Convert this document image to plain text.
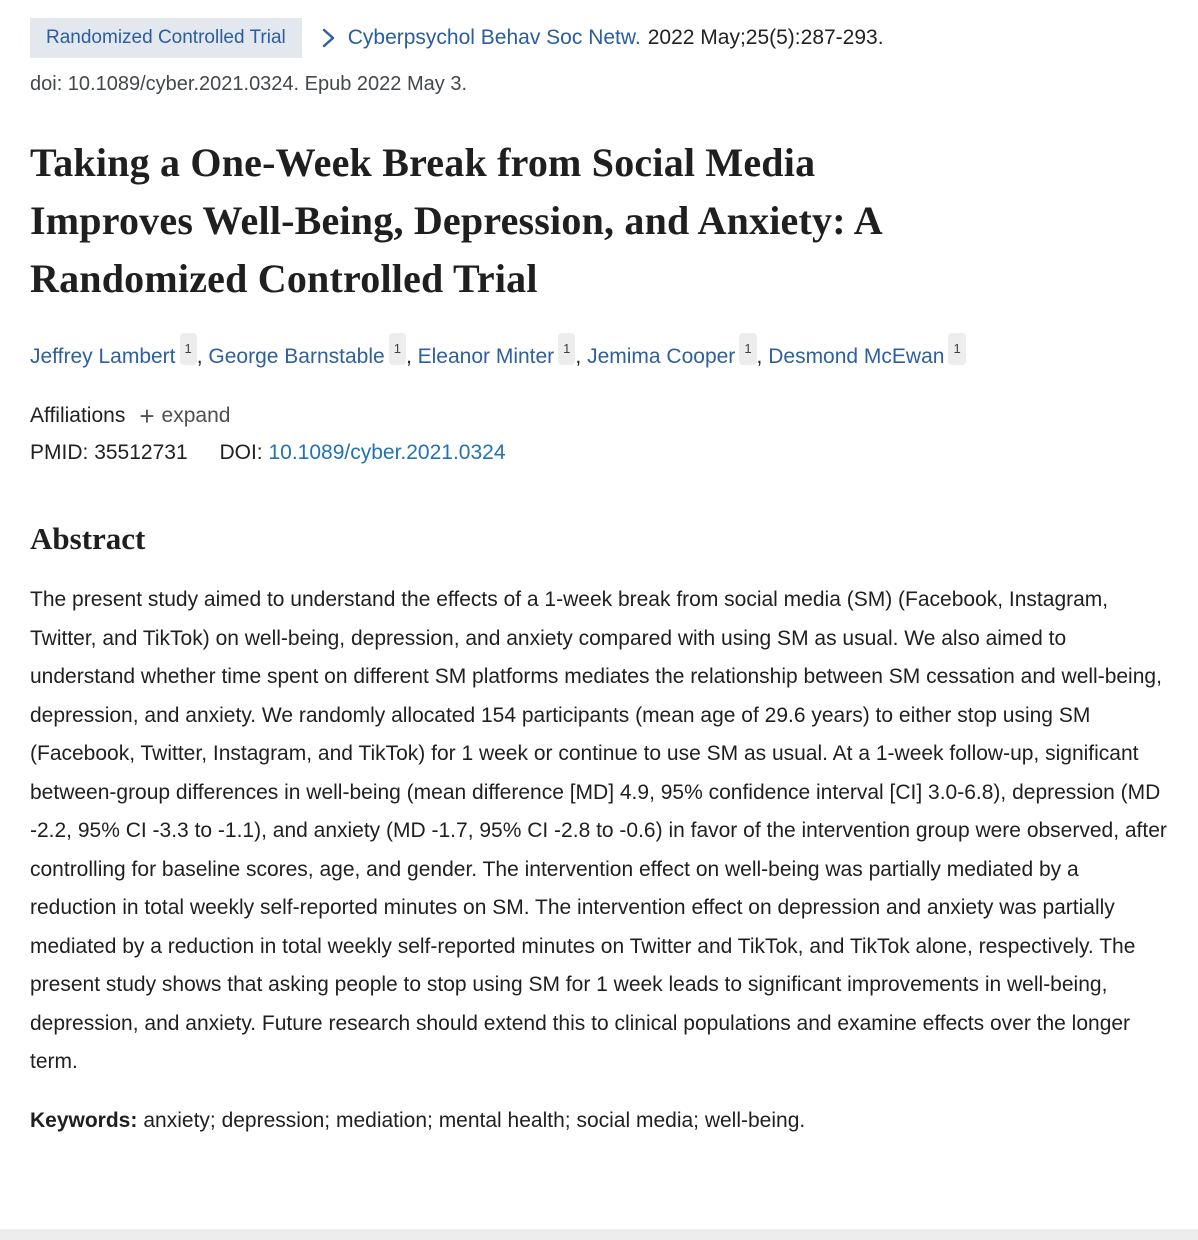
Randomized Controlled Trial	Cyberpsychol Behav Soc Netw. 2022 May;25(5):287-293.
doi: 10.1089/cyber.2021.0324. Epub 2022 May 3.
Taking a One-Week Break from Social Media
Improves Well-Being, Depression, and Anxiety: A
Randomized Controlled Trial
Jeffrey Lambert 1 , George Barnstable 1 , Eleanor Minter 1 , Jemima Cooper 1 , Desmond McEwan 1
Affiliations + expand
PMID: 35512731 DOI: 10.1089/cyber.2021.0324
Abstract

The present study aimed to understand the effects of a 1-week break from social media (SM) (Facebook, Instagram, Twitter, and TikTok) on well-being, depression, and anxiety compared with using SM as usual. We also aimed to understand whether time spent on different SM platforms mediates the relationship between SM cessation and well-being, depression, and anxiety. We randomly allocated 154 participants (mean age of 29.6 years) to either stop using SM (Facebook, Twitter, Instagram, and TikTok) for 1 week or continue to use SM as usual. At a 1-week follow-up, significant between-group differences in well-being (mean difference [MD] 4.9, 95% confidence interval [CI] 3.0-6.8), depression (MD -2.2, 95% CI -3.3 to -1.1), and anxiety (MD -1.7, 95% CI -2.8 to -0.6) in favor of the intervention group were observed, after controlling for baseline scores, age, and gender. The intervention effect on well-being was partially mediated by a reduction in total weekly self-reported minutes on SM. The intervention effect on depression and anxiety was partially mediated by a reduction in total weekly self-reported minutes on Twitter and TikTok, and TikTok alone, respectively. The present study shows that asking people to stop using SM for 1 week leads to significant improvements in well-being, depression, and anxiety. Future research should extend this to clinical populations and examine effects over the longer term.

Keywords: anxiety; depression; mediation; mental health; social media; well-being.
